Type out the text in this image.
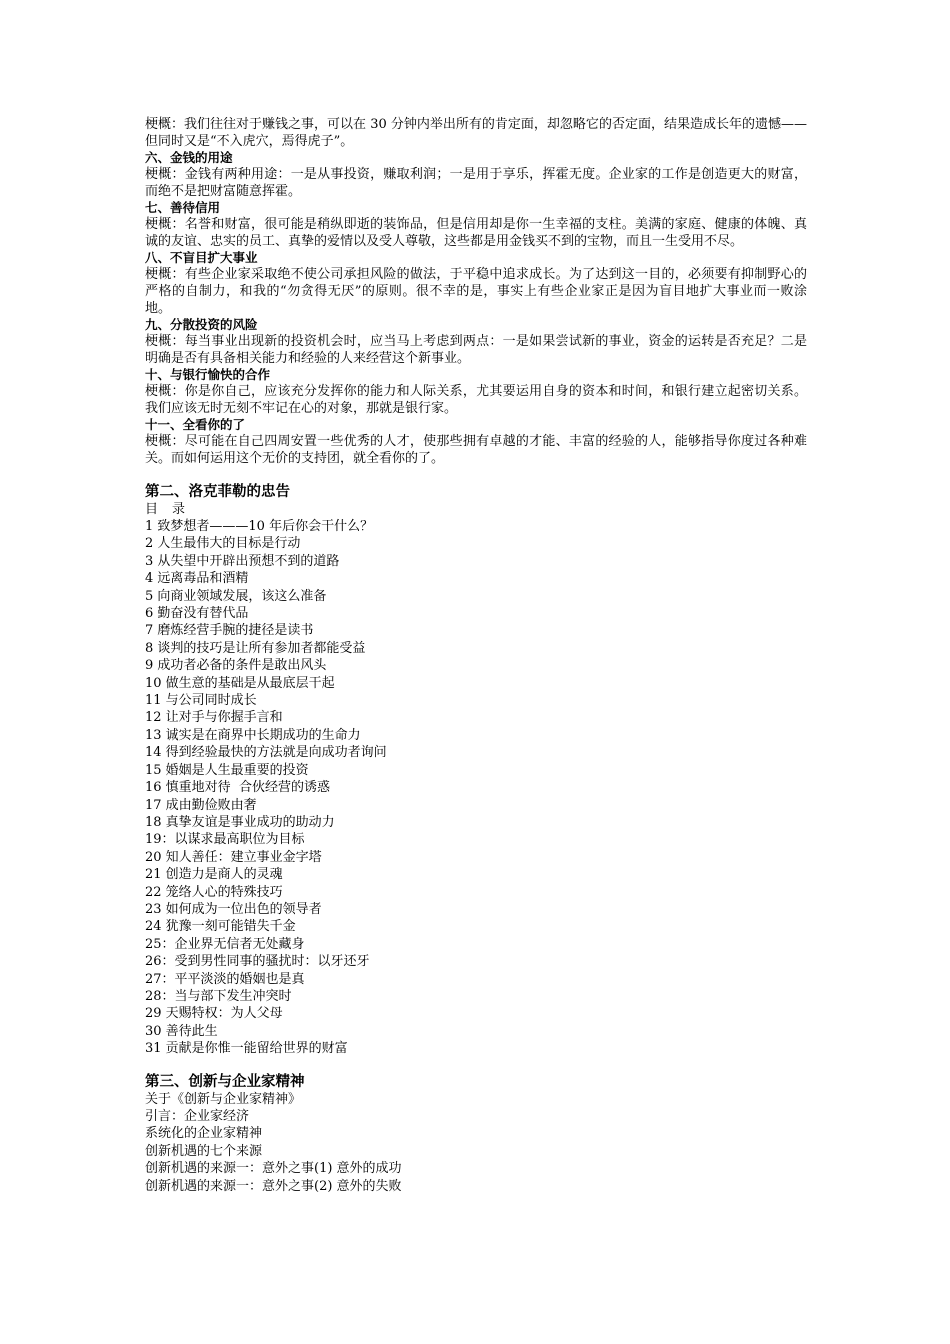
梗概：我们往往对于赚钱之事，可以在 30 分钟内举出所有的肯定面，却忽略它的否定面，结果造成长年的遗憾——但同时又是“不入虎穴，焉得虎子”。

六、金钱的用途

梗概：金钱有两种用途：一是从事投资，赚取利润；一是用于享乐，挥霍无度。企业家的工作是创造更大的财富，而绝不是把财富随意挥霍。

七、善待信用

梗概：名誉和财富，很可能是稍纵即逝的装饰品，但是信用却是你一生幸福的支柱。美满的家庭、健康的体魄、真诚的友谊、忠实的员工、真挚的爱情以及受人尊敬，这些都是用金钱买不到的宝物，而且一生受用不尽。

八、不盲目扩大事业

梗概：有些企业家采取绝不使公司承担风险的做法，于平稳中追求成长。为了达到这一目的，必须要有抑制野心的严格的自制力，和我的“勿贪得无厌”的原则。很不幸的是，事实上有些企业家正是因为盲目地扩大事业而一败涂地。

九、分散投资的风险

梗概：每当事业出现新的投资机会时，应当马上考虑到两点：一是如果尝试新的事业，资金的运转是否充足？二是明确是否有具备相关能力和经验的人来经营这个新事业。

十、与银行愉快的合作

梗概：你是你自己，应该充分发挥你的能力和人际关系，尤其要运用自身的资本和时间，和银行建立起密切关系。我们应该无时无刻不牢记在心的对象，那就是银行家。

十一、全看你的了

梗概：尽可能在自己四周安置一些优秀的人才，使那些拥有卓越的才能、丰富的经验的人，能够指导你度过各种难关。而如何运用这个无价的支持团，就全看你的了。

第二、洛克菲勒的忠告

目录

1 致梦想者———10 年后你会干什么？

2 人生最伟大的目标是行动

3 从失望中开辟出预想不到的道路

4 远离毒品和酒精

5 向商业领域发展，该这么准备

6 勤奋没有替代品

7 磨炼经营手腕的捷径是读书

8 谈判的技巧是让所有参加者都能受益

9 成功者必备的条件是敢出风头

10 做生意的基础是从最底层干起

11 与公司同时成长

12 让对手与你握手言和

13 诚实是在商界中长期成功的生命力

14 得到经验最快的方法就是向成功者询问

15 婚姻是人生最重要的投资

16 慎重地对待  合伙经营的诱惑

17 成由勤俭败由奢

18 真挚友谊是事业成功的助动力

19：以谋求最高职位为目标

20 知人善任：建立事业金字塔

21 创造力是商人的灵魂

22 笼络人心的特殊技巧

23 如何成为一位出色的领导者

24 犹豫一刻可能错失千金

25：企业界无信者无处藏身

26：受到男性同事的骚扰时：以牙还牙

27：平平淡淡的婚姻也是真

28：当与部下发生冲突时

29 天赐特权：为人父母

30 善待此生

31 贡献是你惟一能留给世界的财富

第三、创新与企业家精神

关于《创新与企业家精神》

引言：企业家经济

系统化的企业家精神

创新机遇的七个来源

创新机遇的来源一：意外之事(1) 意外的成功

创新机遇的来源一：意外之事(2) 意外的失败
